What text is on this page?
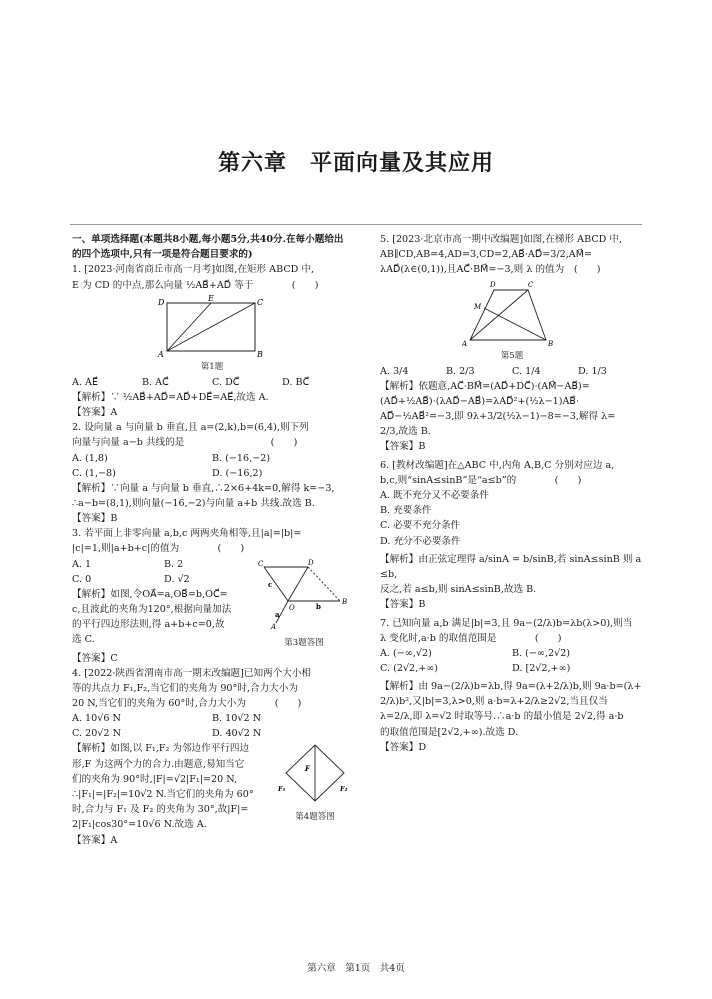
第六章　平面向量及其应用

一、单项选择题(本题共8小题,每小题5分,共40分.在每小题给出的四个选项中,只有一项是符合题目要求的)

1. [2023·河南省商丘市高一月考]如图,在矩形 ABCD 中,

E 为 CD 的中点,那么向量 ½AB⃗+AD⃗ 等于　　　　(　　)

D	E	C
A	B

第1题

A. AE⃗	B. AC⃗	C. DC⃗	D. BC⃗

【解析】∵ ½AB⃗+AD⃗=AD⃗+DE⃗=AE⃗,故选 A.

【答案】A

2. 设向量 a 与向量 b 垂直,且 a=(2,k),b=(6,4),则下列

向量与向量 a−b 共线的是　　　　　　　　　(　　)

A. (1,8)	B. (−16,−2)
C. (1,−8)	D. (−16,2)

【解析】∵向量 a 与向量 b 垂直,∴2×6+4k=0,解得 k=−3,

∴a−b=(8,1),则向量(−16,−2)与向量 a+b 共线.故选 B.

【答案】B

3. 若平面上非零向量 a,b,c 两两夹角相等,且|a|=|b|=

|c|=1,则|a+b+c|的值为　　　　(　　)

A. 1	B. 2
C. 0	D. √2

【解析】如图,令OA⃗=a,OB⃗=b,OC⃗=

c,且波此的夹角为120°,根据向量加法

的平行四边形法则,得 a+b+c=0,故

选 C.

C	D
B
O
A
c
b
a

第3题答图

【答案】C

4. [2022·陕西省渭南市高一期末改编题]已知两个大小相

等的共点力 F₁,F₂,当它们的夹角为 90°时,合力大小为

20 N,当它们的夹角为 60°时,合力大小为　　　(　　)

A. 10√6 N	B. 10√2 N
C. 20√2 N	D. 40√2 N

【解析】如图,以 F₁,F₂ 为邻边作平行四边

形,F 为这两个力的合力.由题意,易知当它

们的夹角为 90°时,|F|=√2|F₁|=20 N,

∴|F₁|=|F₂|=10√2 N.当它们的夹角为 60°

时,合力与 F₁ 及 F₂ 的夹角为 30°,故|F|=

2|F₁|cos30°=10√6 N.故选 A.

F
F₁	F₂

第4题答图

【答案】A

5. [2023·北京市高一期中改编题]如图,在梯形 ABCD 中,

AB∥CD,AB=4,AD=3,CD=2,AB⃗·AD⃗=3/2,AM⃗=

λAD⃗(λ∈(0,1)),且AC⃗·BM⃗=−3,则 λ 的值为　(　　)

D	C
M
A	B

第5题

A. 3/4	B. 2/3	C. 1/4	D. 1/3

【解析】依题意,AC⃗·BM⃗=(AD⃗+DC⃗)·(AM⃗−AB⃗)=

(AD⃗+½AB⃗)·(λAD⃗−AB⃗)=λAD⃗²+(½λ−1)AB⃗·

AD⃗−½AB⃗²=−3,即 9λ+3/2(½λ−1)−8=−3,解得 λ=

2/3,故选 B.

【答案】B

6. [教材改编题]在△ABC 中,内角 A,B,C 分别对应边 a,

b,c,则“sinA≤sinB”是“a≤b”的　　　　(　　)

A. 既不充分又不必要条件

B. 充要条件

C. 必要不充分条件

D. 充分不必要条件

【解析】由正弦定理得 a/sinA = b/sinB,若 sinA≤sinB 则 a≤b,

反之,若 a≤b,则 sinA≤sinB,故选 B.

【答案】B

7. 已知向量 a,b 满足|b|=3,且 9a−(2/λ)b=λb(λ>0),则当

λ 变化时,a·b 的取值范围是　　　　(　　)

A. (−∞,√2)	B. (−∞,2√2)
C. (2√2,+∞)	D. [2√2,+∞)

【解析】由 9a−(2/λ)b=λb,得 9a=(λ+2/λ)b,则 9a·b=(λ+

2/λ)b²,又|b|=3,λ>0,则 a·b=λ+2/λ≥2√2,当且仅当

λ=2/λ,即 λ=√2 时取等号.∴a·b 的最小值是 2√2,得 a·b

的取值范围是[2√2,+∞).故选 D.

【答案】D

第六章　第1页　共4页
